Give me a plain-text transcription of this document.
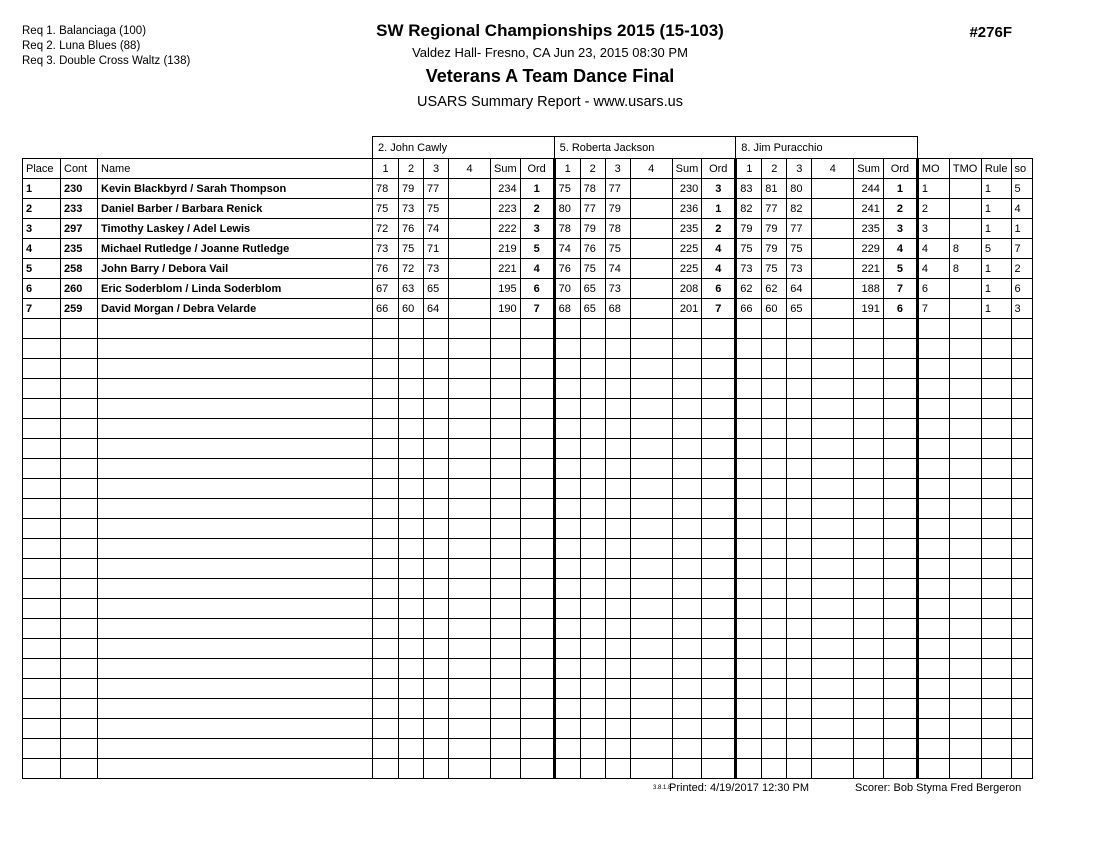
Req 1. Balanciaga (100)
Req 2. Luna Blues (88)
Req 3. Double Cross Waltz (138)
SW Regional Championships 2015 (15-103)
Valdez Hall- Fresno, CA Jun 23, 2015 08:30 PM
Veterans A Team Dance Final
USARS Summary Report - www.usars.us
#276F
			2. John Cawly						5. Roberta Jackson						8. Jim Puracchio									
Place	Cont	Name	1	2	3	4	Sum	Ord	1	2	3	4	Sum	Ord	1	2	3	4	Sum	Ord	MO	TMO	Rule	so
1	230	Kevin Blackbyrd / Sarah Thompson	78	79	77		234	1	75	78	77		230	3	83	81	80		244	1	1		1	5
2	233	Daniel Barber / Barbara Renick	75	73	75		223	2	80	77	79		236	1	82	77	82		241	2	2		1	4
3	297	Timothy Laskey / Adel Lewis	72	76	74		222	3	78	79	78		235	2	79	79	77		235	3	3		1	1
4	235	Michael Rutledge / Joanne Rutledge	73	75	71		219	5	74	76	75		225	4	75	79	75		229	4	4	8	5	7
5	258	John Barry / Debora Vail	76	72	73		221	4	76	75	74		225	4	73	75	73		221	5	4	8	1	2
6	260	Eric Soderblom / Linda Soderblom	67	63	65		195	6	70	65	73		208	6	62	62	64		188	7	6		1	6
7	259	David Morgan / Debra Velarde	66	60	64		190	7	68	65	68		201	7	66	60	65		191	6	7		1	3

3.8.1.8
Printed: 4/19/2017 12:30 PM	Scorer: Bob Styma Fred Bergeron
